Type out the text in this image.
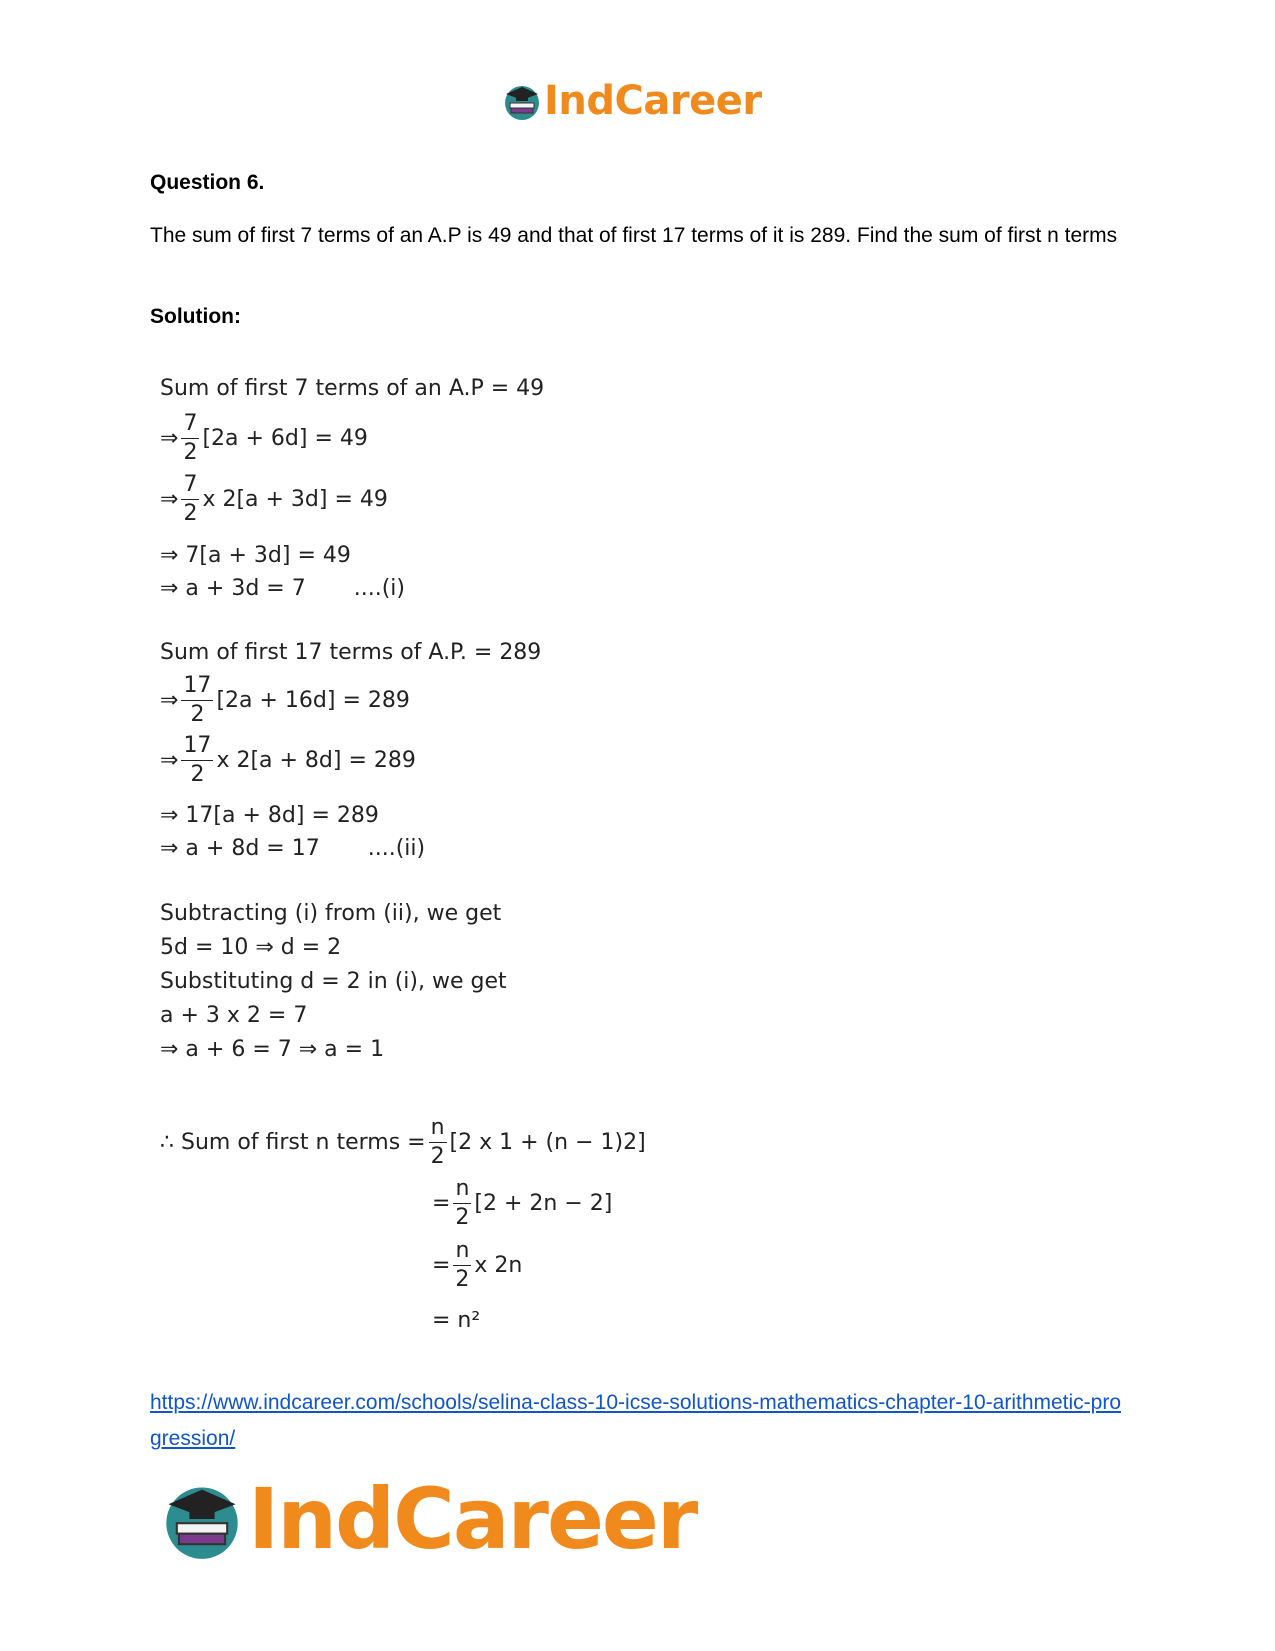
IndCareer
Question 6.

The sum of first 7 terms of an A.P is 49 and that of first 17 terms of it is 289. Find the sum of first n terms

Solution:
Sum of first 7 terms of an A.P = 49
⇒ $\frac{7}{2} [2a + 6d] = 49$
⇒ $\frac{7}{2}$ x 2[a + 3d] = 49
⇒ 7[a + 3d] = 49
⇒ a + 3d = 7 ....(i)
Sum of first 17 terms of A.P. = 289
⇒ $\frac{17}{2} [2a + 16d] = 289$
⇒ $\frac{17}{2}$ x 2[a + 8d] = 289
⇒ 17[a + 8d] = 289
⇒ a + 8d = 17 ....(ii)
Subtracting (i) from (ii), we get
5d = 10 ⇒ d = 2
Substituting d = 2 in (i), we get
a + 3 x 2 = 7
⇒ a + 6 = 7 ⇒ a = 1
∴ Sum of first n terms = $\frac{n}{2} [2$ x 1 + (n − 1)2]
= $\frac{n}{2} [2 + 2n - 2]$
= $\frac{n}{2}$ x 2n
= n²
https://www.indcareer.com/schools/selina-class-10-icse-solutions-mathematics-chapter-10-arithmetic-progression/
IndCareer
